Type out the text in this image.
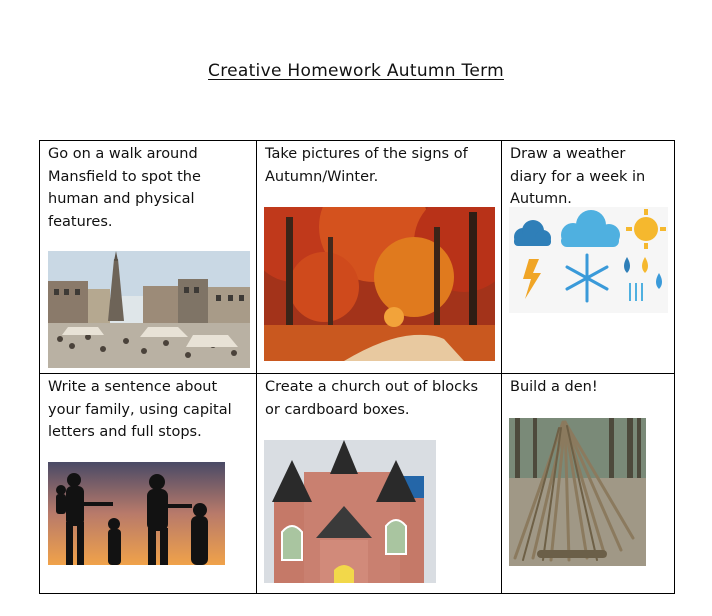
Creative Homework Autumn Term
Go on a walk around Mansfield to spot the human and physical features.	Take pictures of the signs of Autumn/Winter.	Draw a weather diary for a week in Autumn.

Write a sentence about your family, using capital letters and full stops.	Create a church out of blocks or cardboard boxes.	Build a den!
